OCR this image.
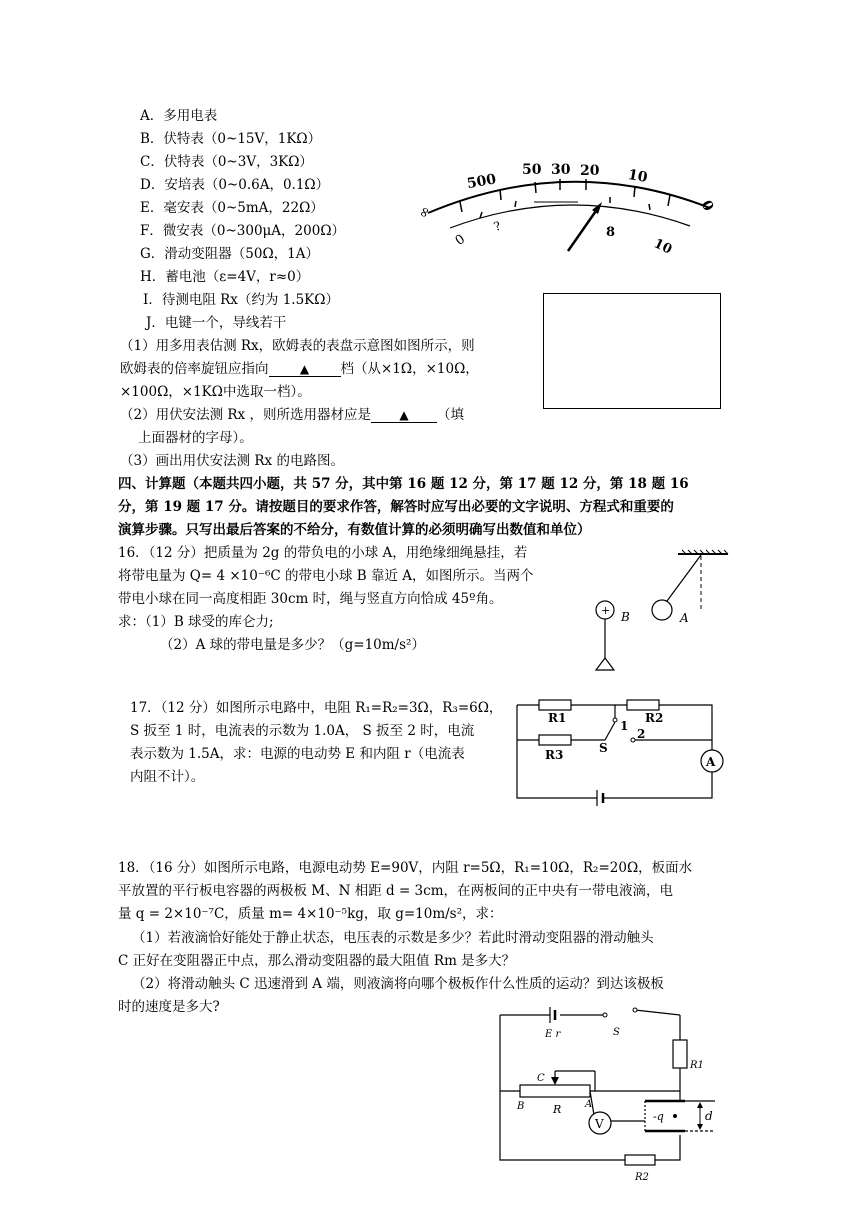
A．多用电表
B．伏特表（0~15V，1KΩ）
C．伏特表（0~3V，3KΩ）
D．安培表（0~0.6A，0.1Ω）
E．毫安表（0~5mA，22Ω）
F．微安表（0~300μA，200Ω）
G．滑动变阻器（50Ω，1A）
H．蓄电池（ε=4V，r≈0）
I．待测电阻 Rx（约为 1.5KΩ）
J．电键一个，导线若干
∞
500
50 30 20 10
0
0
?	8
10
（1）用多用表估测 Rx，欧姆表的表盘示意图如图所示，则
欧姆表的倍率旋钮应指向	▲ 档（从×1Ω，×10Ω，
×100Ω，×1KΩ中选取一档）。
（2）用伏安法测 Rx ，则所选用器材应是 ▲ （填
上面器材的字母）。
（3）画出用伏安法测 Rx 的电路图。
四、计算题（本题共四小题，共 57 分，其中第 16 题 12 分，第 17 题 12 分，第 18 题 16
分，第 19 题 17 分。请按题目的要求作答，解答时应写出必要的文字说明、方程式和重要的
演算步骤。只写出最后答案的不给分，有数值计算的必须明确写出数值和单位）
16．（12 分）把质量为 2g 的带负电的小球 A，用绝缘细绳悬挂，若
将带电量为 Q= 4 ×10⁻⁶C 的带电小球 B 靠近 A，如图所示。当两个
带电小球在同一高度相距 30cm 时，绳与竖直方向恰成 45º角。
求：（1）B 球受的库仑力;
（2）A 球的带电量是多少？（g=10m/s²）
+ B	A
17．（12 分）如图所示电路中，电阻 R₁=R₂=3Ω，R₃=6Ω，
S 扳至 1 时，电流表的示数为 1.0A， S 扳至 2 时，电流
表示数为 1.5A，求：电源的电动势 E 和内阻 r（电流表
内阻不计）。
A
R1	R2
R3	S
1
2
18．（16 分）如图所示电路，电源电动势 E=90V，内阻 r=5Ω，R₁=10Ω，R₂=20Ω，板面水
平放置的平行板电容器的两极板 M、N 相距 d = 3cm，在两板间的正中央有一带电液滴，电
量 q = 2×10⁻⁷C，质量 m= 4×10⁻⁵kg，取 g=10m/s²，求：
（1）若液滴恰好能处于静止状态，电压表的示数是多少？若此时滑动变阻器的滑动触头
C 正好在变阻器正中点，那么滑动变阻器的最大阻值 Rm 是多大？
（2）将滑动触头 C 迅速滑到 A 端，则液滴将向哪个极板作什么性质的运动？到达该极板
时的速度是多大?
V
E r	S
R1
C
B	R A
-q	d
R2
